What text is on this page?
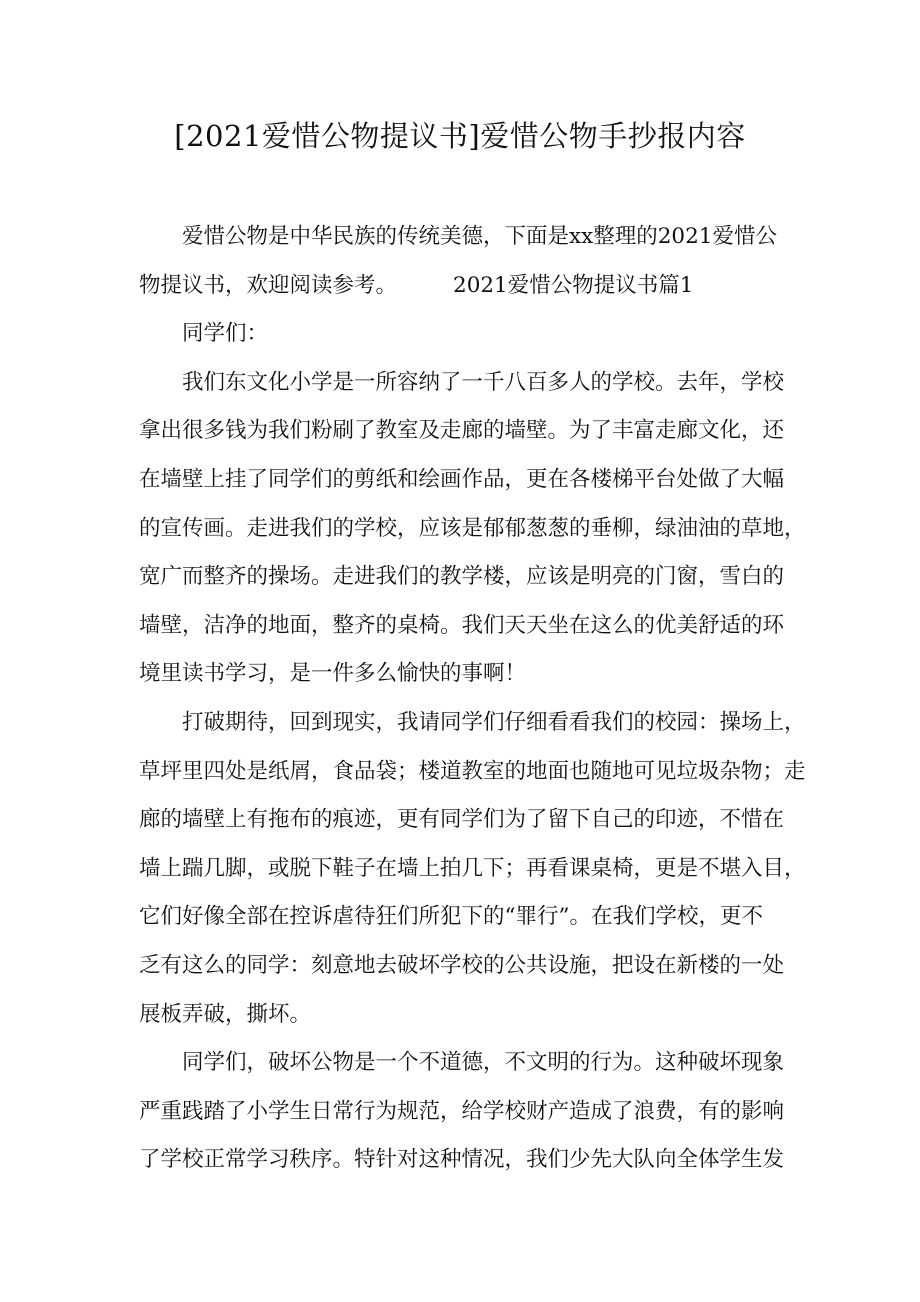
[2021爱惜公物提议书]爱惜公物手抄报内容
爱惜公物是中华民族的传统美德，下面是xx整理的2021爱惜公
物提议书，欢迎阅读参考。	2021爱惜公物提议书篇1
同学们：
我们东文化小学是一所容纳了一千八百多人的学校。去年，学校
拿出很多钱为我们粉刷了教室及走廊的墙壁。为了丰富走廊文化，还
在墙壁上挂了同学们的剪纸和绘画作品，更在各楼梯平台处做了大幅
的宣传画。走进我们的学校，应该是郁郁葱葱的垂柳，绿油油的草地，
宽广而整齐的操场。走进我们的教学楼，应该是明亮的门窗，雪白的
墙壁，洁净的地面，整齐的桌椅。我们天天坐在这么的优美舒适的环
境里读书学习，是一件多么愉快的事啊！
打破期待，回到现实，我请同学们仔细看看我们的校园：操场上，
草坪里四处是纸屑，食品袋；楼道教室的地面也随地可见垃圾杂物；走
廊的墙壁上有拖布的痕迹，更有同学们为了留下自己的印迹，不惜在
墙上踹几脚，或脱下鞋子在墙上拍几下；再看课桌椅，更是不堪入目，
它们好像全部在控诉虐待狂们所犯下的“罪行”。在我们学校，更不
乏有这么的同学：刻意地去破坏学校的公共设施，把设在新楼的一处
展板弄破，撕坏。
同学们，破坏公物是一个不道德，不文明的行为。这种破坏现象
严重践踏了小学生日常行为规范，给学校财产造成了浪费，有的影响
了学校正常学习秩序。特针对这种情况，我们少先大队向全体学生发
